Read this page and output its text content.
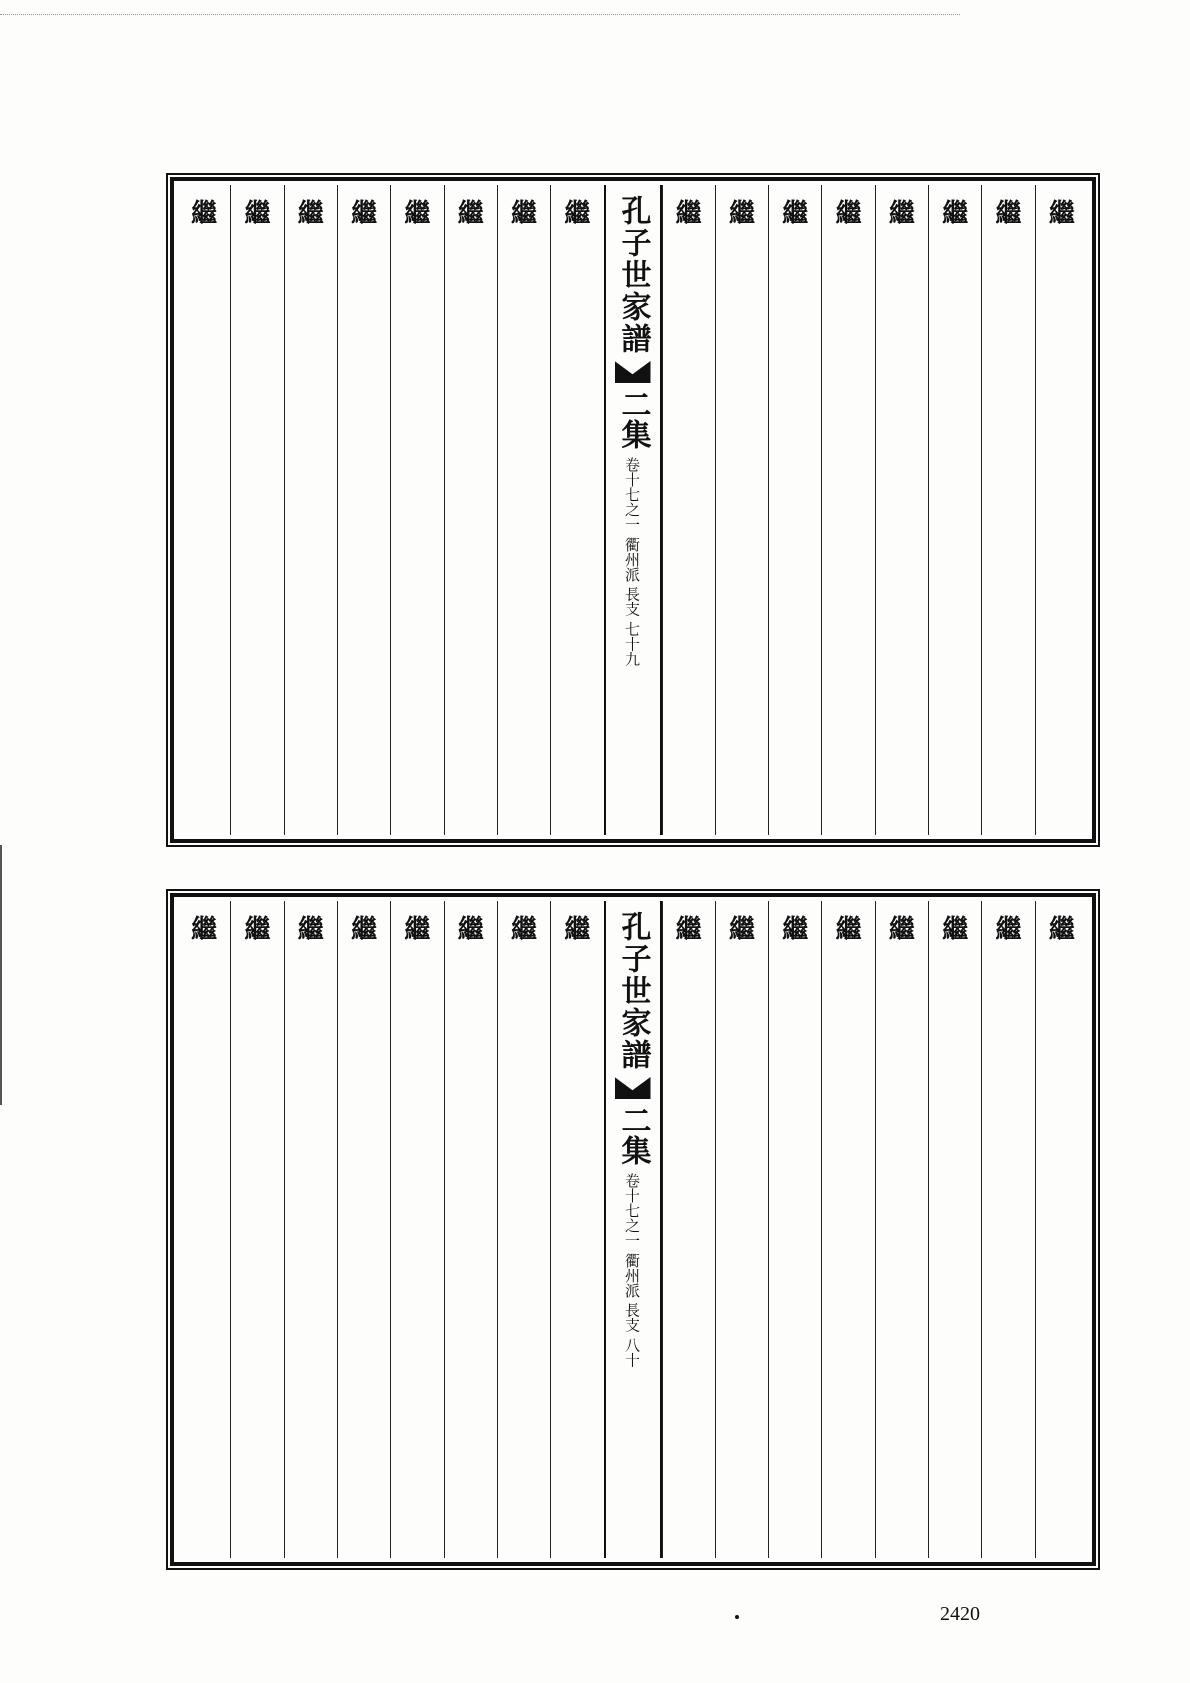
繼
繼
繼
繼
繼
繼
繼
繼
孔子世家譜
二集
卷十七之一 衢州派 長支 七十九
繼
繼
繼
繼
繼
繼
繼
繼
繼
繼
繼
繼
繼
繼
繼
繼
孔子世家譜
二集
卷十七之一 衢州派 長支 八十
繼
繼
繼
繼
繼
繼
繼
繼
2420
